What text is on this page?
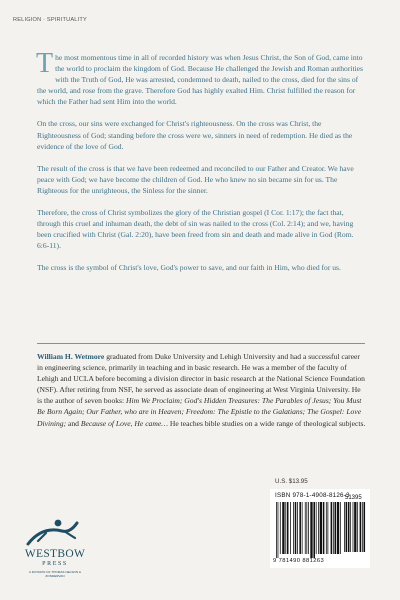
RELIGION · SPIRITUALITY

The most momentous time in all of recorded history was when Jesus Christ, the Son of God, came into the world to proclaim the kingdom of God. Because He challenged the Jewish and Roman authorities with the Truth of God, He was arrested, condemned to death, nailed to the cross, died for the sins of the world, and rose from the grave. Therefore God has highly exalted Him. Christ fulfilled the reason for which the Father had sent Him into the world.

On the cross, our sins were exchanged for Christ's righteousness. On the cross was Christ, the Righteousness of God; standing before the cross were we, sinners in need of redemption. He died as the evidence of the love of God.

The result of the cross is that we have been redeemed and reconciled to our Father and Creator. We have peace with God; we have become the children of God. He who knew no sin became sin for us. The Righteous for the unrighteous, the Sinless for the sinner.

Therefore, the cross of Christ symbolizes the glory of the Christian gospel (I Cor. 1:17); the fact that, through this cruel and inhuman death, the debt of sin was nailed to the cross (Col. 2:14); and we, having been crucified with Christ (Gal. 2:20), have been freed from sin and death and made alive in God (Rom. 6:6-11).

The cross is the symbol of Christ's love, God's power to save, and our faith in Him, who died for us.

William H. Wetmore graduated from Duke University and Lehigh University and had a successful career in engineering science, primarily in teaching and in basic research. He was a member of the faculty of Lehigh and UCLA before becoming a division director in basic research at the National Science Foundation (NSF). After retiring from NSF, he served as associate dean of engineering at West Virginia University. He is the author of seven books: Him We Proclaim; God's Hidden Treasures: The Parables of Jesus; You Must Be Born Again; Our Father, who are in Heaven; Freedom: The Epistle to the Galatians; The Gospel: Love Divining; and Because of Love, He came… He teaches bible studies on a wide range of theological subjects.

U.S. $13.95
ISBN 978-1-4908-8126-3
51395
9 781490 881263
WESTBOW
PRESS
A DIVISION OF THOMAS NELSON & ZONDERVAN
